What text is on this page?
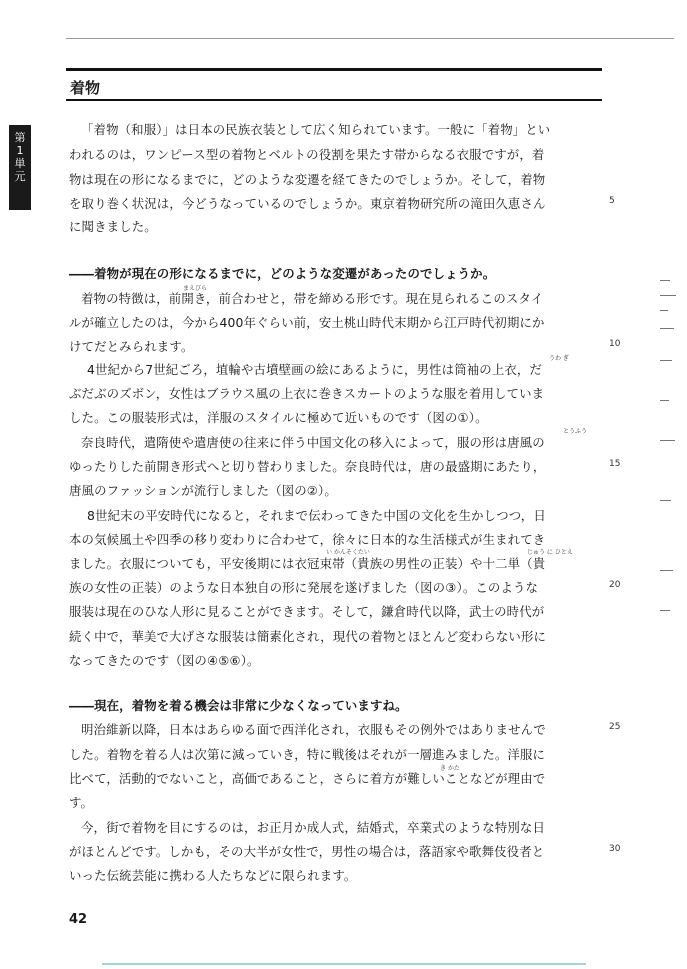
着物
第
1
単
元
「着物（和服）」は日本の民族衣装として広く知られています。一般に「着物」とい
われるのは，ワンピース型の着物とベルトの役割を果たす帯からなる衣服ですが，着
物は現在の形になるまでに，どのような変遷を経てきたのでしょうか。そして，着物
を取り巻く状況は，今どうなっているのでしょうか。東京着物研究所の滝田久恵さん
に聞きました。
――着物が現在の形になるまでに，どのような変遷があったのでしょうか。
着物の特徴は，前開き，前合わせと，帯を締める形です。現在見られるこのスタイ
ルが確立したのは，今から400年ぐらい前，安土桃山時代末期から江戸時代初期にか
けてだとみられます。
4世紀から7世紀ごろ，埴輪や古墳壁画の絵にあるように，男性は筒袖の上衣，だ
ぶだぶのズボン，女性はブラウス風の上衣に巻きスカートのような服を着用していま
した。この服装形式は，洋服のスタイルに極めて近いものです（図の①）。
奈良時代，遣隋使や遣唐使の往来に伴う中国文化の移入によって，服の形は唐風の
ゆったりした前開き形式へと切り替わりました。奈良時代は，唐の最盛期にあたり，
唐風のファッションが流行しました（図の②）。
8世紀末の平安時代になると，それまで伝わってきた中国の文化を生かしつつ，日
本の気候風土や四季の移り変わりに合わせて，徐々に日本的な生活様式が生まれてき
ました。衣服についても，平安後期には衣冠束帯（貴族の男性の正装）や十二単（貴
族の女性の正装）のような日本独自の形に発展を遂げました（図の③）。このような
服装は現在のひな人形に見ることができます。そして，鎌倉時代以降，武士の時代が
続く中で，華美で大げさな服装は簡素化され，現代の着物とほとんど変わらない形に
なってきたのです（図の④⑤⑥）。
――現在，着物を着る機会は非常に少なくなっていますね。
明治維新以降，日本はあらゆる面で西洋化され，衣服もその例外ではありませんで
した。着物を着る人は次第に減っていき，特に戦後はそれが一層進みました。洋服に
比べて，活動的でないこと，高価であること，さらに着方が難しいことなどが理由で
す。
今，街で着物を目にするのは，お正月か成人式，結婚式，卒業式のような特別な日
がほとんどです。しかも，その大半が女性で，男性の場合は，落語家や歌舞伎役者と
いった伝統芸能に携わる人たちなどに限られます。
5
10
15
20
25
30
まえびら
うわ ぎ
とうふう
い かんそくたい	じゅう に ひとえ
き かた
42
